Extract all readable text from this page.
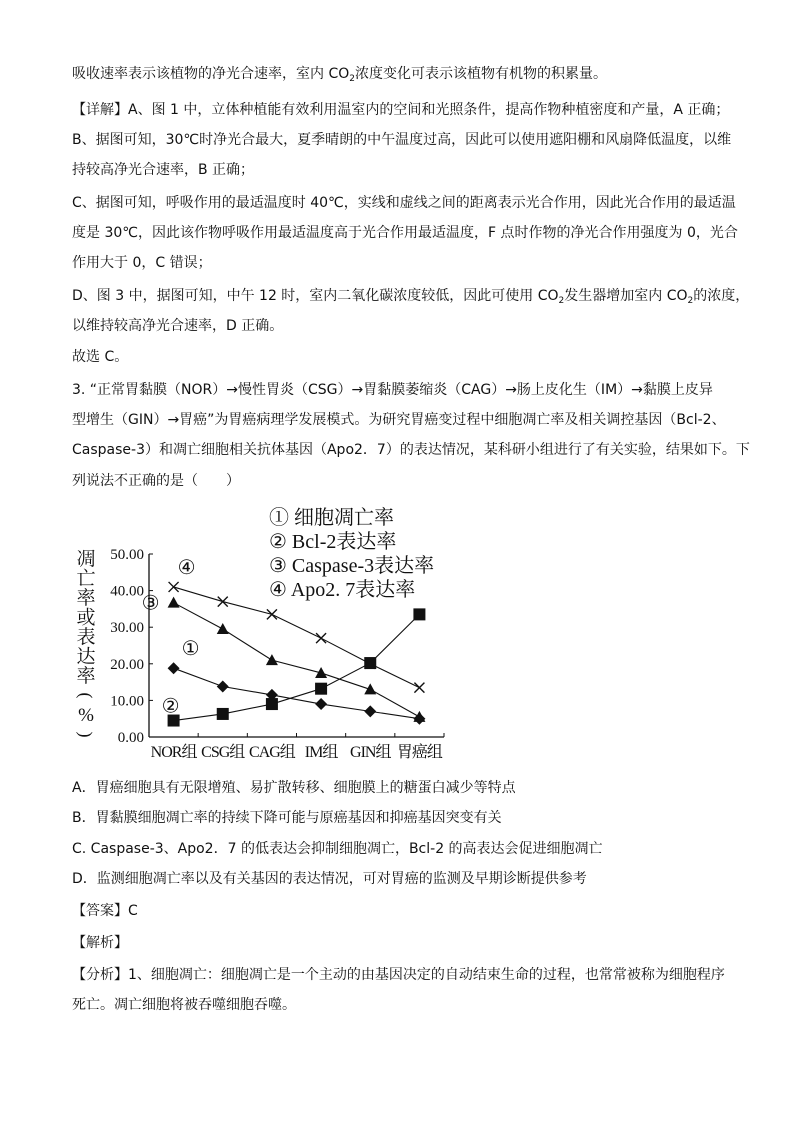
吸收速率表示该植物的净光合速率，室内 $CO_2$浓度变化可表示该植物有机物的积累量。
【详解】A、图 1 中，立体种植能有效利用温室内的空间和光照条件，提高作物种植密度和产量，A 正确；
B、据图可知，30℃时净光合最大，夏季晴朗的中午温度过高，因此可以使用遮阳棚和风扇降低温度，以维
持较高净光合速率，B 正确；
C、据图可知，呼吸作用的最适温度时 40℃，实线和虚线之间的距离表示光合作用，因此光合作用的最适温
度是 30℃，因此该作物呼吸作用最适温度高于光合作用最适温度，F 点时作物的净光合作用强度为 0，光合
作用大于 0，C 错误；
D、图 3 中，据图可知，中午 12 时，室内二氧化碳浓度较低，因此可使用 $CO_2$发生器增加室内 $CO_2$的浓度，
以维持较高净光合速率，D 正确。
故选 C。
3. “正常胃黏膜（NOR）→慢性胃炎（CSG）→胃黏膜萎缩炎（CAG）→肠上皮化生（IM）→黏膜上皮异
型增生（GIN）→胃癌”为胃癌病理学发展模式。为研究胃癌变过程中细胞凋亡率及相关调控基因（Bcl-2、
Caspase-3）和凋亡细胞相关抗体基因（Apo2．7）的表达情况，某科研小组进行了有关实验，结果如下。下
列说法不正确的是（　　）
① 细胞凋亡率
② Bcl-2表达率
③ Caspase-3表达率
④ Apo2. 7表达率
0.00
10.00
20.00
30.00
40.00
50.00
NOR组 CSG组 CAG组 IM组 GIN组 胃癌组
①
②
③
④
凋
亡
率
或
表
达
率
(
%
)
A．胃癌细胞具有无限增殖、易扩散转移、细胞膜上的糖蛋白减少等特点
B．胃黏膜细胞凋亡率的持续下降可能与原癌基因和抑癌基因突变有关
C. Caspase-3、Apo2．7 的低表达会抑制细胞凋亡，Bcl-2 的高表达会促进细胞凋亡
D．监测细胞凋亡率以及有关基因的表达情况，可对胃癌的监测及早期诊断提供参考
【答案】C
【解析】
【分析】1、细胞凋亡：细胞凋亡是一个主动的由基因决定的自动结束生命的过程，也常常被称为细胞程序
死亡。凋亡细胞将被吞噬细胞吞噬。
